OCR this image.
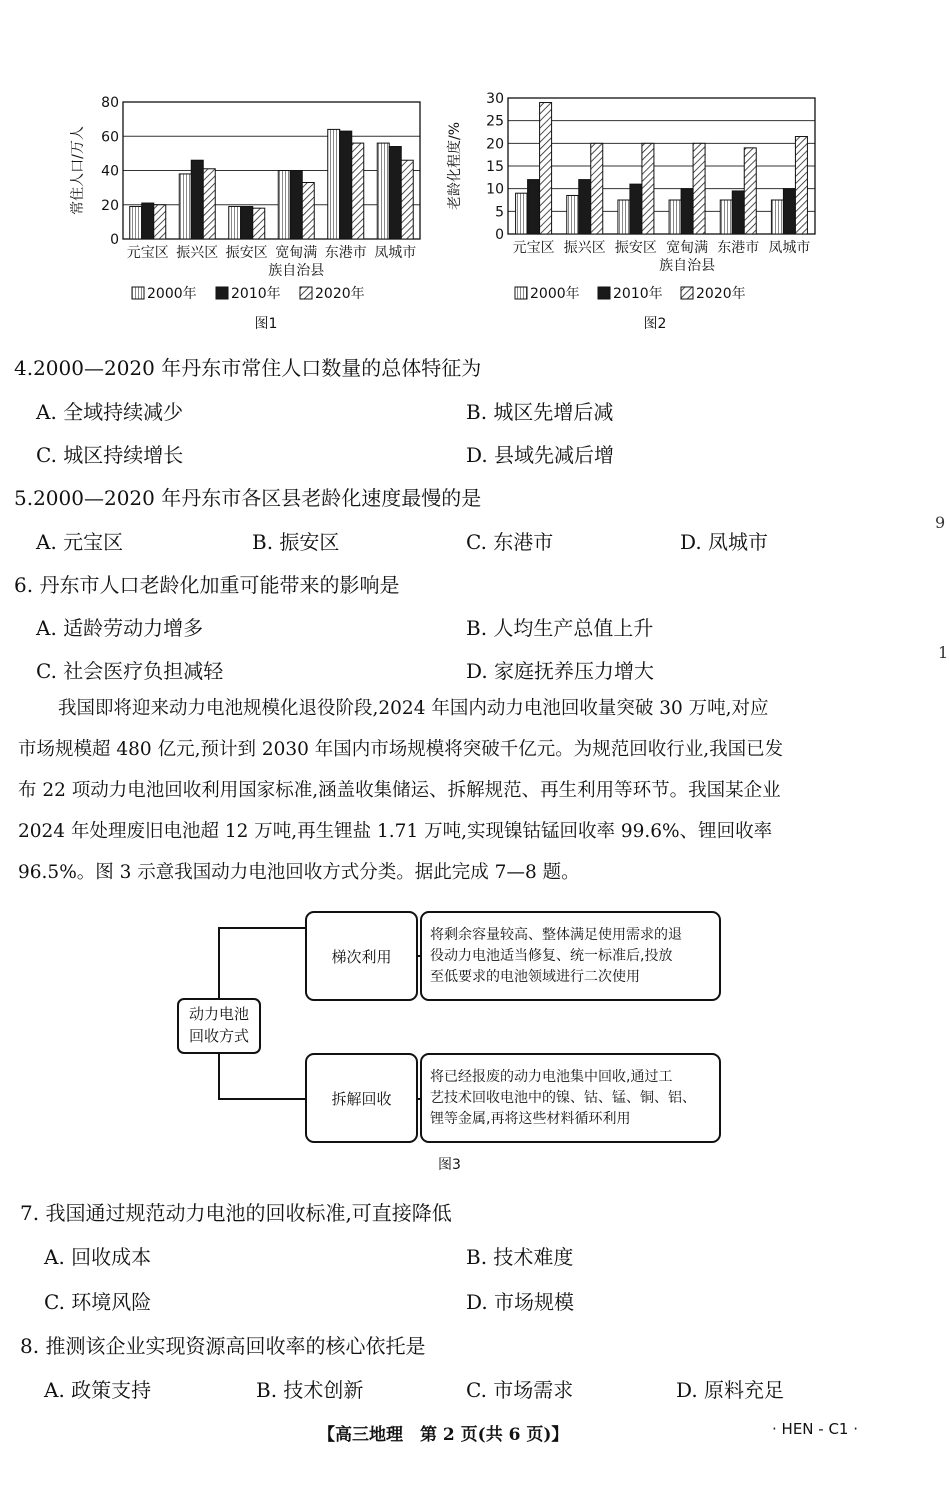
0
20
40
60
80
常住人口/万人
元宝区 振兴区 振安区 宽甸满
族自治县
东港市 凤城市
2000年 2010年 2020年
图1
0
5
10
15
20
25
30
老龄化程度/%
元宝区 振兴区 振安区 宽甸满
族自治县
东港市 凤城市
2000年 2010年 2020年
图2
4.2000—2020 年丹东市常住人口数量的总体特征为
A. 全域持续减少	B. 城区先增后减
C. 城区持续增长	D. 县域先减后增
5.2000—2020 年丹东市各区县老龄化速度最慢的是
A. 元宝区	B. 振安区	C. 东港市	D. 凤城市
6. 丹东市人口老龄化加重可能带来的影响是
A. 适龄劳动力增多	B. 人均生产总值上升
C. 社会医疗负担减轻	D. 家庭抚养压力增大

我国即将迎来动力电池规模化退役阶段,2024 年国内动力电池回收量突破 30 万吨,对应

市场规模超 480 亿元,预计到 2030 年国内市场规模将突破千亿元。为规范回收行业,我国已发

布 22 项动力电池回收利用国家标准,涵盖收集储运、拆解规范、再生利用等环节。我国某企业

2024 年处理废旧电池超 12 万吨,再生锂盐 1.71 万吨,实现镍钴锰回收率 99.6%、锂回收率

96.5%。图 3 示意我国动力电池回收方式分类。据此完成 7—8 题。

动力电池
回收方式
梯次利用
将剩余容量较高、整体满足使用需求的退
役动力电池适当修复、统一标准后,投放
至低要求的电池领域进行二次使用
拆解回收
将已经报废的动力电池集中回收,通过工
艺技术回收电池中的镍、钴、锰、铜、铝、
锂等金属,再将这些材料循环利用
图3
7. 我国通过规范动力电池的回收标准,可直接降低
A. 回收成本	B. 技术难度
C. 环境风险	D. 市场规模
8. 推测该企业实现资源高回收率的核心依托是
A. 政策支持	B. 技术创新	C. 市场需求	D. 原料充足
【高三地理　第 2 页(共 6 页)】	· HEN - C1 ·
9
1
